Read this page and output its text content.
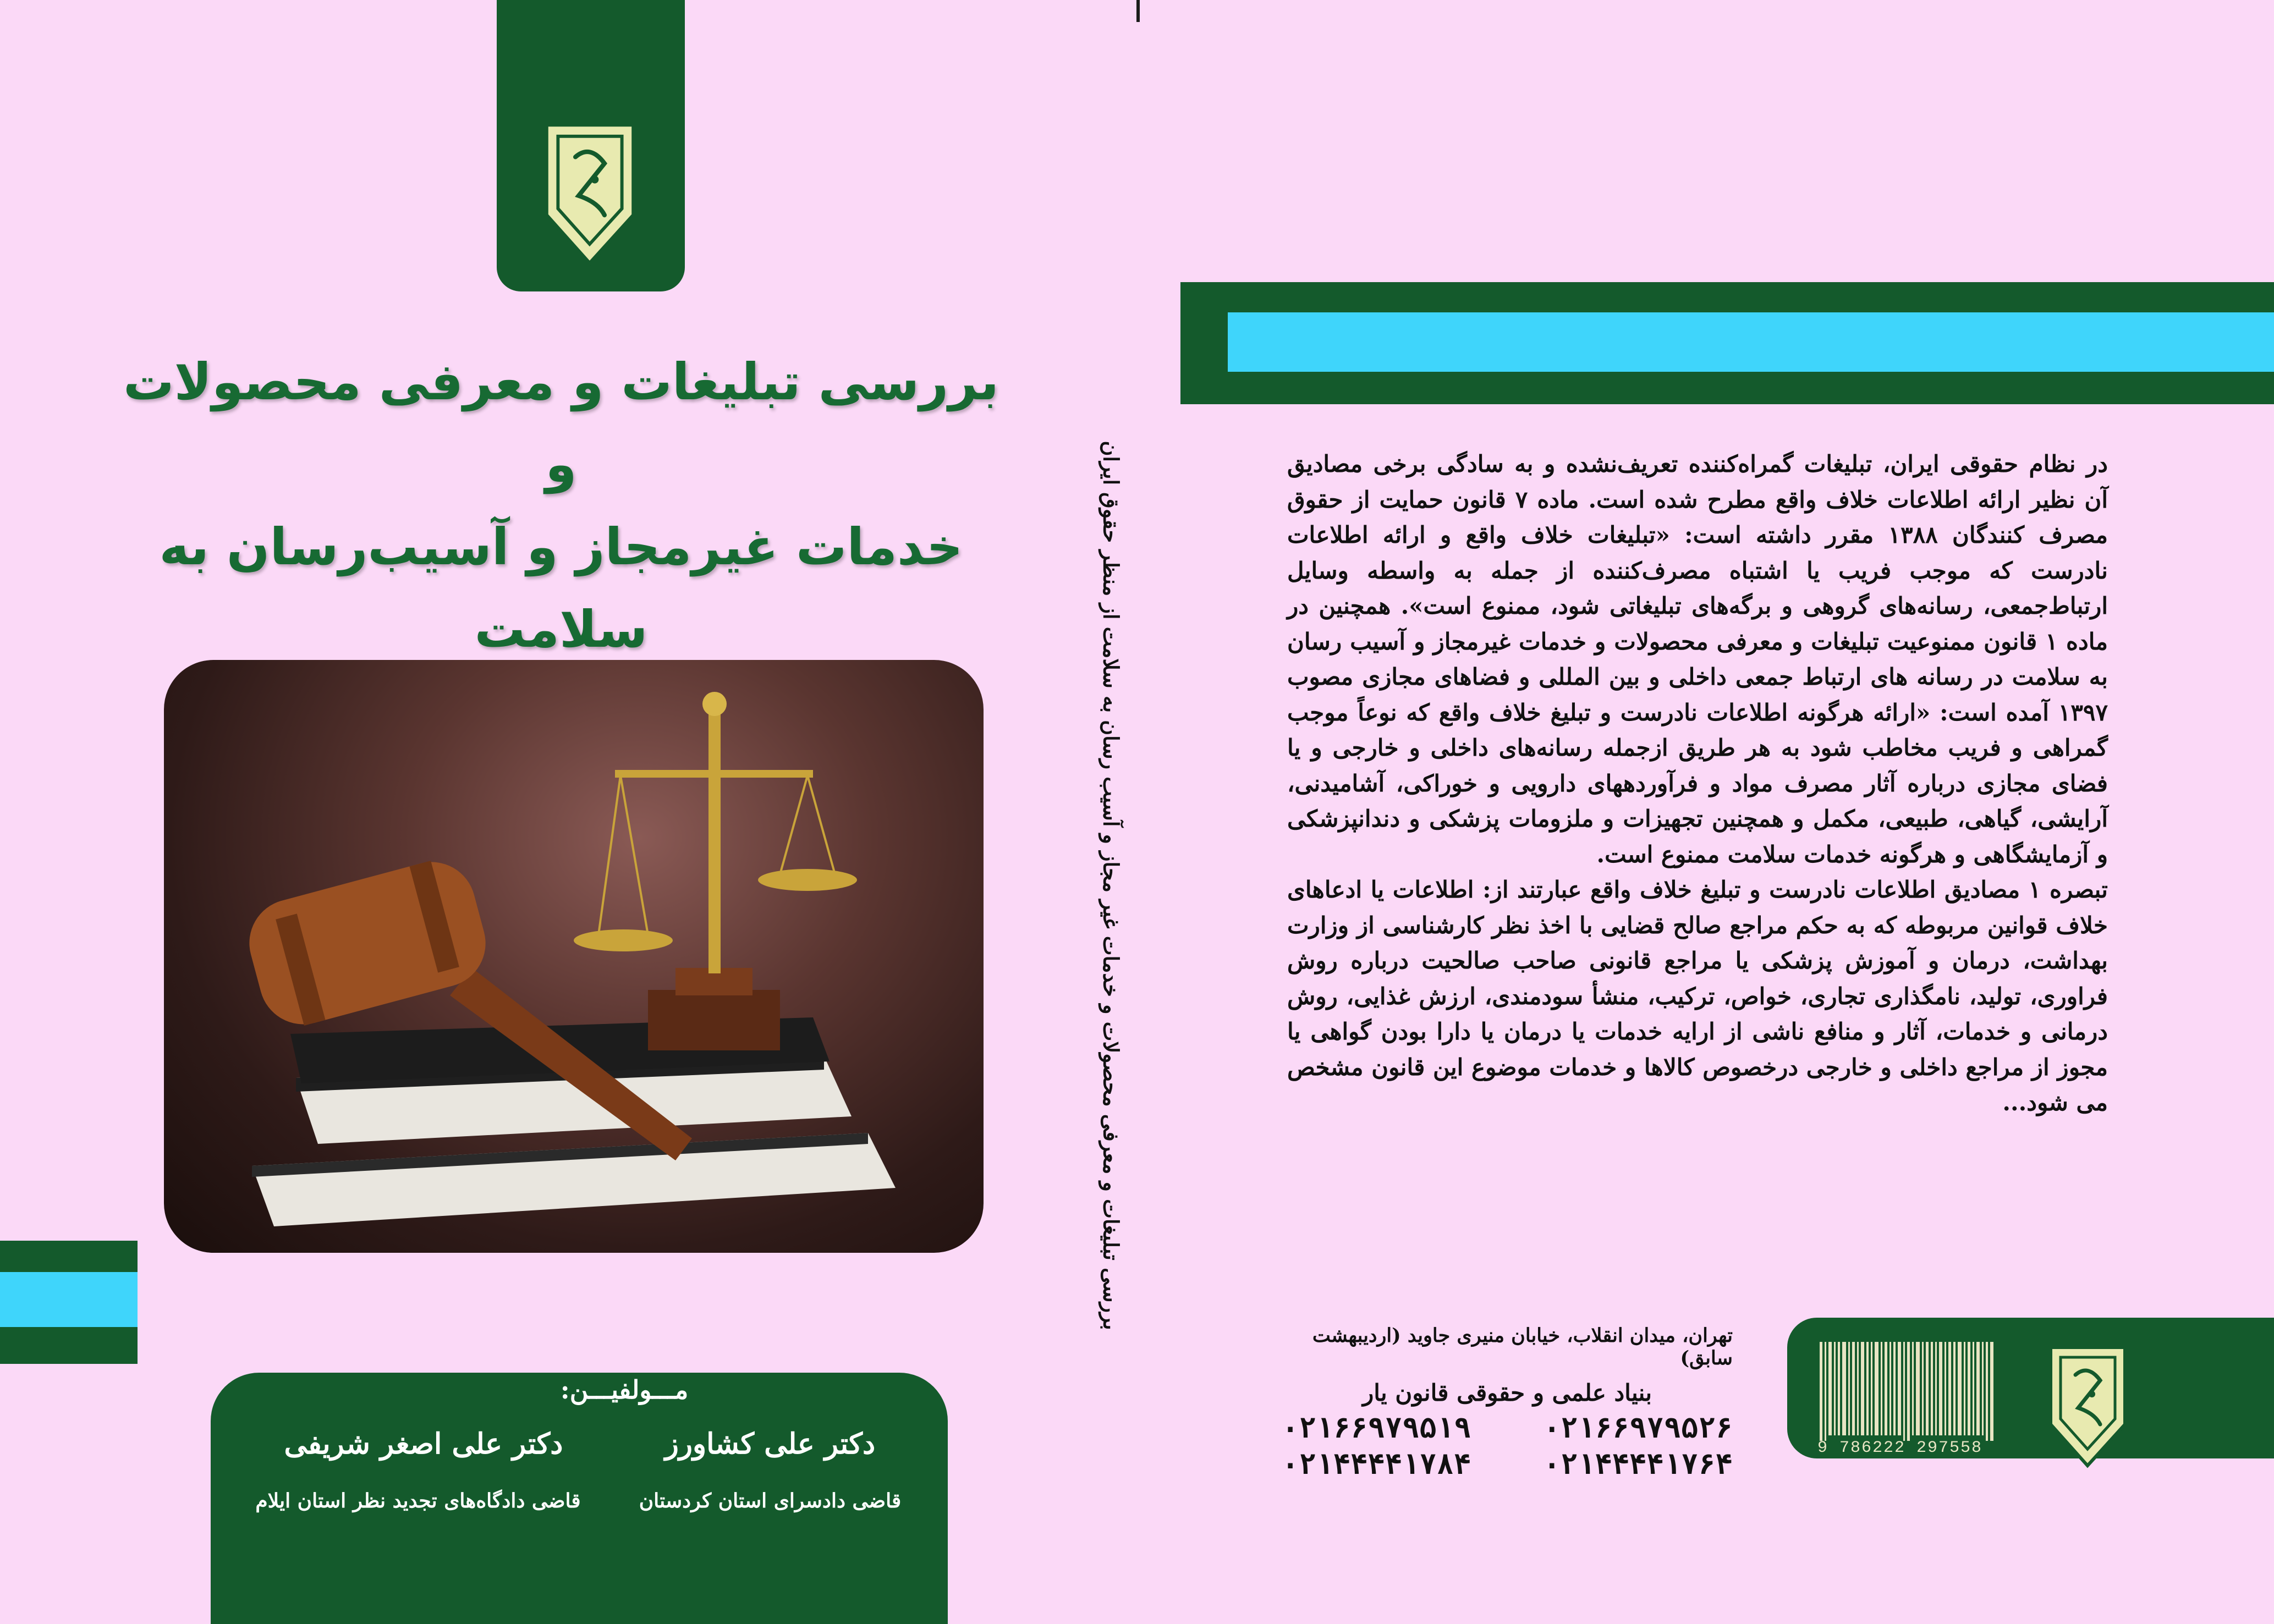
در نظام حقوقی ایران، تبلیغات گمراه‌کننده تعریف‌نشده و به سادگی برخی مصادیق آن نظیر ارائه اطلاعات خلاف واقع مطرح شده است. ماده ۷ قانون حمایت از حقوق مصرف کنندگان ۱۳۸۸ مقرر داشته است: «تبلیغات خلاف واقع و ارائه اطلاعات نادرست که موجب فریب یا اشتباه مصرف‌کننده از جمله به واسطه وسایل ارتباط‌جمعی، رسانه‌های گروهی و برگه‌های تبلیغاتی شود، ممنوع است». همچنین در ماده ۱ قانون ممنوعیت تبلیغات و معرفی محصولات و خدمات غیرمجاز و آسیب رسان به سلامت در رسانه های ارتباط جمعی داخلی و بین المللی و فضاهای مجازی مصوب ۱۳۹۷ آمده است: «ارائه هرگونه اطلاعات نادرست و تبلیغ خلاف واقع که نوعاً موجب گمراهی و فریب مخاطب شود به هر طریق ازجمله رسانه‌های داخلی و خارجی و یا فضای مجازی درباره آثار مصرف مواد و فرآوردههای دارویی و خوراکی، آشامیدنی، آرایشی، گیاهی، طبیعی، مکمل و همچنین تجهیزات و ملزومات پزشکی و دندانپزشکی و آزمایشگاهی و هرگونه خدمات سلامت ممنوع است.

تبصره ۱ مصادیق اطلاعات نادرست و تبلیغ خلاف واقع عبارتند از: اطلاعات یا ادعاهای خلاف قوانین مربوطه که به حکم مراجع صالح قضایی با اخذ نظر کارشناسی از وزارت بهداشت، درمان و آموزش پزشکی یا مراجع قانونی صاحب صالحیت درباره روش فراوری، تولید، نامگذاری تجاری، خواص، ترکیب، منشأ سودمندی، ارزش غذایی، روش درمانی و خدمات، آثار و منافع ناشی از ارایه خدمات یا درمان یا دارا بودن گواهی یا مجوز از مراجع داخلی و خارجی درخصوص کالاها و خدمات موضوع این قانون مشخص می شود...

تهران، میدان انقلاب، خیابان منیری جاوید (اردیبهشت سابق)
بنیاد علمی و حقوقی قانون یار
۰۲۱۶۶۹۷۹۵۱۹	۰۲۱۶۶۹۷۹۵۲۶
۰۲۱۴۴۴۴۱۷۸۴	۰۲۱۴۴۴۴۱۷۶۴	9 786222 297558
بررسی تبلیغات و معرفی محصولات و خدمات غیر مجاز و آسیب رسان به سلامت از منظر حقوق ایران
بررسی تبلیغات و معرفی محصولات و
خدمات غیرمجاز و آسیب‌رسان به سلامت
مـــولفیـــن:
دکتر علی کشاورز
قاضی دادسرای استان کردستان
دکتر علی اصغر شریفی
قاضی دادگاه‌های تجدید نظر استان ایلام
